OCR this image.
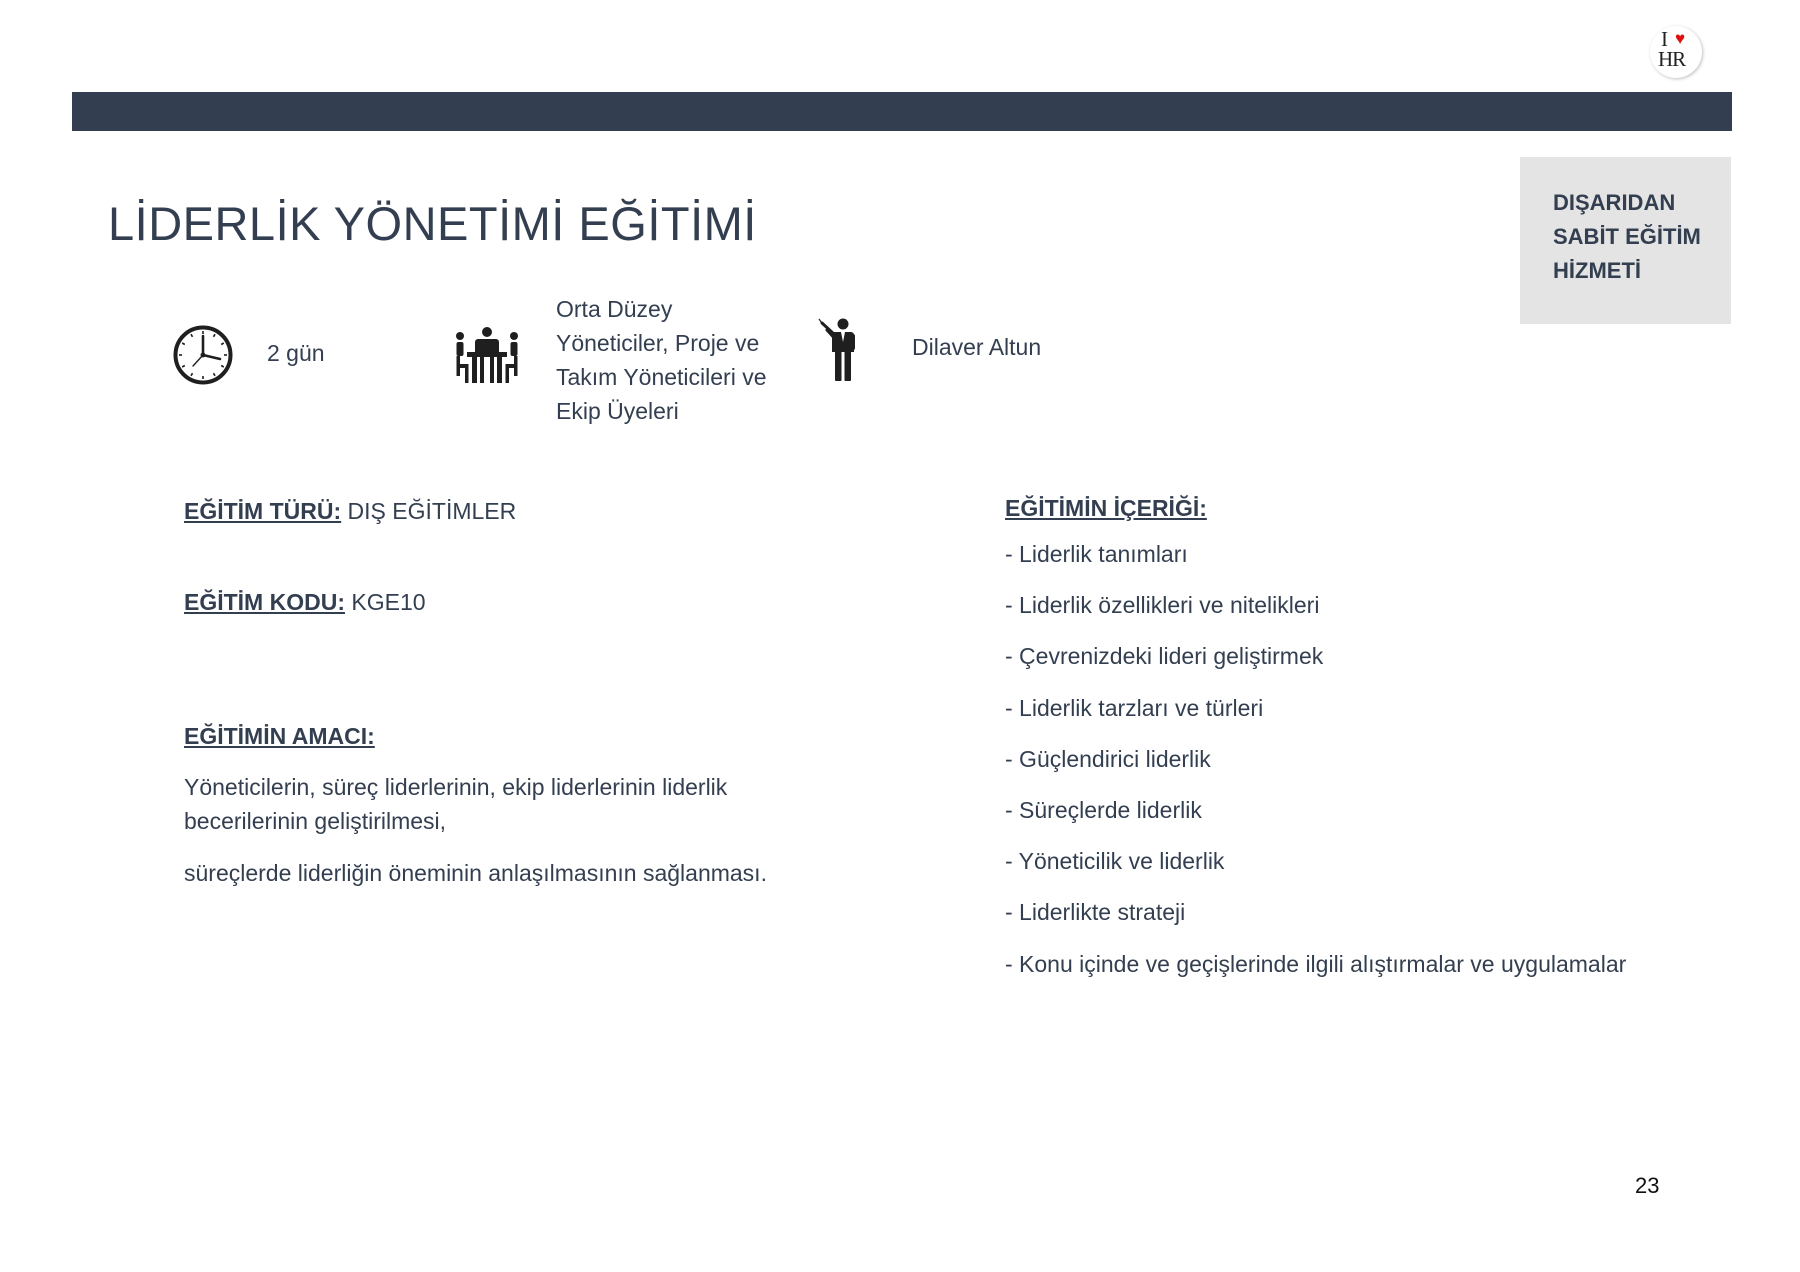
I ♥
HR
DIŞARIDAN
SABİT EĞİTİM
HİZMETİ
LİDERLİK YÖNETİMİ EĞİTİMİ
2 gün
Orta Düzey
Yöneticiler, Proje ve
Takım Yöneticileri ve
Ekip Üyeleri
Dilaver Altun
EĞİTİM TÜRÜ: DIŞ EĞİTİMLER
EĞİTİM KODU: KGE10
EĞİTİMİN AMACI:
Yöneticilerin, süreç liderlerinin, ekip liderlerinin liderlik
becerilerinin geliştirilmesi,
süreçlerde liderliğin öneminin anlaşılmasının sağlanması.
EĞİTİMİN İÇERİĞİ:
- Liderlik tanımları
- Liderlik özellikleri ve nitelikleri
- Çevrenizdeki lideri geliştirmek
- Liderlik tarzları ve türleri
- Güçlendirici liderlik
- Süreçlerde liderlik
- Yöneticilik ve liderlik
- Liderlikte strateji
- Konu içinde ve geçişlerinde ilgili alıştırmalar ve uygulamalar
23
